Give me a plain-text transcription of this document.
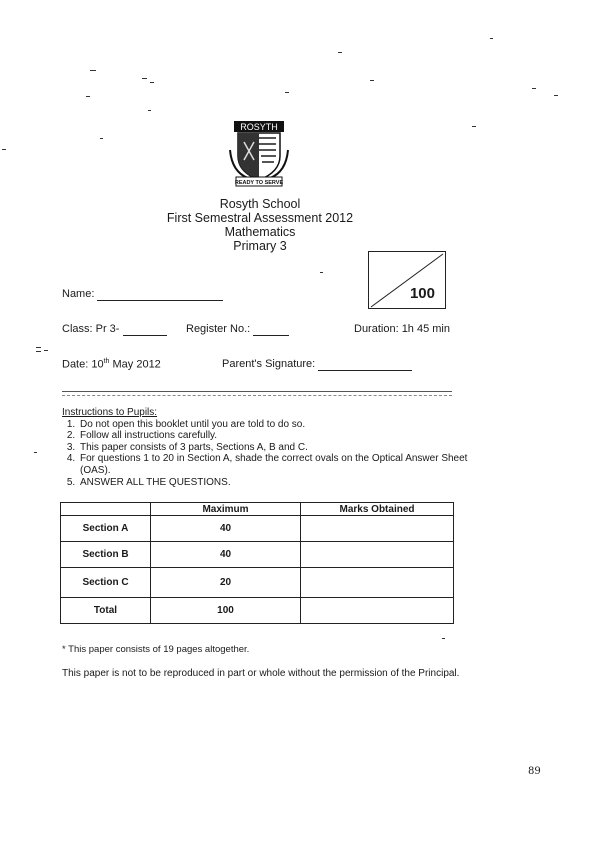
ROSYTH
READY TO SERVE
Rosyth School
First Semestral Assessment 2012
Mathematics
Primary 3
100
Name:
Class: Pr 3-	Register No.:	Duration: 1h 45 min
Date: 10th May 2012	Parent's Signature:
Instructions to Pupils:
1. Do not open this booklet until you are told to do so.
2. Follow all instructions carefully.
3. This paper consists of 3 parts, Sections A, B and C.
4. For questions 1 to 20 in Section A, shade the correct ovals on the Optical Answer Sheet (OAS).
5. ANSWER ALL THE QUESTIONS.
	Maximum	Marks Obtained
Section A	40	
Section B	40	
Section C	20	
Total	100	
* This paper consists of 19 pages altogether.
This paper is not to be reproduced in part or whole without the permission of the Principal.
89
